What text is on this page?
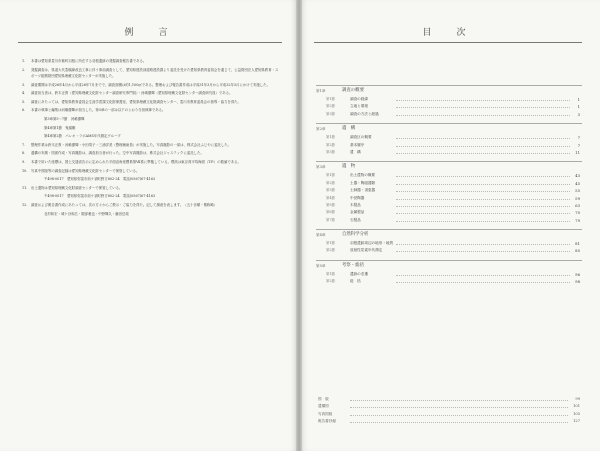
例　言
1. 本書は愛知県豊川市萩町羽根に所在する羽根遺跡の発掘調査報告書である。
2. 発掘調査は、県道大代豊橋線改良工事に伴う事前調査として、愛知県建設部道路建設課より委託を受けた愛知県教育委員会を通じて、公益財団法人愛知県教育・スポーツ振興財団愛知県埋蔵文化財センターが実施した。
3. 調査期間は平成26年4月から平成26年7月までで、調査面積は約1,100㎡である。整理および報告書作成は平成31年3月から平成32年3月にかけて実施した。
4. 調査担当者は、鈴木正貴（愛知県埋蔵文化財センター調査研究専門員）・河嶋優輝（愛知県埋蔵文化財センター調査研究員）である。
5. 調査にあたっては、愛知県教育委員会生涯学習課文化財保護室、愛知県埋蔵文化財調査センター、豊川市教育委員会の指導・協力を得た。
6. 本書の執筆と編集は河嶋優輝が担当した。第3章の一部は以下のとおり分担執筆である。
第3章第5〜7節　河嶋優輝
第4章第1節　鬼頭剛
第4章第2節　パレオ・ラボAMS年代測定グループ
7. 整理作業は鈴木正貴・河嶋優輝・小田靖子・三浦洋美（整理補助員）が実施した。写真撮影の一部は、株式会社ふじやに委託した。
8. 遺構の実測・図面作成・写真撮影は、調査担当者が行った。空中写真撮影は、株式会社ジャステックに委託した。
9. 本書で用いた座標は、国土交通省告示に定められた平面直角座標系第Ⅶ系に準拠している。標高は東京湾平均海面（T.P.）の数値である。
10. 写真中図版等の調査記録は愛知県埋蔵文化財センターで保管している。
〒498-0017　愛知県弥富市前ケ須町野方802-24　電話(0567)67-4163
11. 出土遺物は愛知県埋蔵文化財調査センターで保管している。
〒498-0017　愛知県弥富市前ケ須町野方802-24　電話(0567)67-4163
12. 調査および報告書作成にあたっては、次の方々からご教示・ご協力を得た。記して謝意を表します。（五十音順・敬称略）
北村和宏・城ケ谷和広・服部雅也・中野輝久・藤田岳哉
目　次
第1章	調査の概要
第1節	調査の経緯	1
第2節	立地と環境	1
第3節	調査の方法と経過	3
第2章	遺　構
第1節	調査区の概要	7
第2節	基本層序	7
第3節	遺　構	11
第3章	遺　物
第1節	出土遺物の概要	43
第2節	土器・陶磁器類	45
第3節	土師器・須恵器	55
第4節	中世陶器	59
第5節	木製品	63
第6節	金属製品	70
第7節	石製品	79
第4章	自然科学分析
第1節	羽根遺跡周辺の地形・地質	81
第2節	放射性炭素年代測定	85
第5章	考察・総括
第1節	遺跡の変遷	96
第2節	総　括	98
図　版	99
遺構図	101
写真図版	105
報告書抄録	127
